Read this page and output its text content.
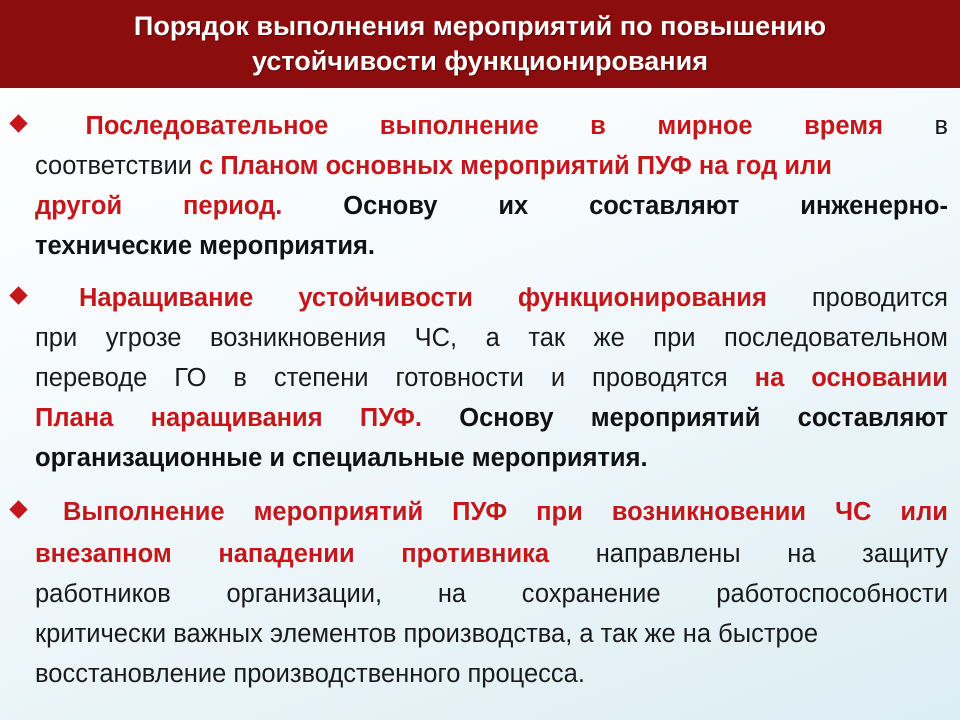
Порядок выполнения мероприятий по повышению
устойчивости функционирования
Последовательное выполнение в мирное время в
соответствии с Планом основных мероприятий ПУФ на год или
другой период. Основу их составляют инженерно-
технические мероприятия.
Наращивание устойчивости функционирования проводится
при угрозе возникновения ЧС, а так же при последовательном
переводе ГО в степени готовности и проводятся на основании
Плана наращивания ПУФ. Основу мероприятий составляют
организационные и специальные мероприятия.
Выполнение мероприятий ПУФ при возникновении ЧС или
внезапном нападении противника направлены на защиту
работников организации, на сохранение работоспособности
критически важных элементов производства, а так же на быстрое
восстановление производственного процесса.
